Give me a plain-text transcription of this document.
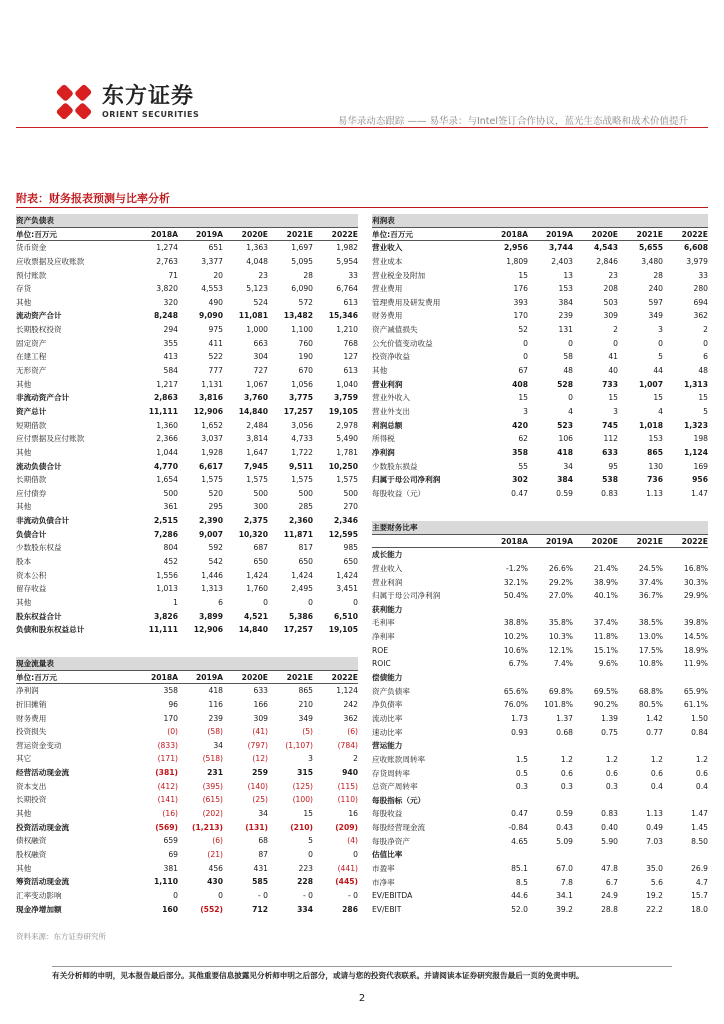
东方证券
ORIENT SECURITIES
易华录动态跟踪 —— 易华录：与Intel签订合作协议，蓝光生态战略和战术价值提升
附表：财务报表预测与比率分析
资产负债表
单位:百万元	2018A	2019A	2020E	2021E	2022E
货币资金	1,274	651	1,363	1,697	1,982
应收票据及应收账款	2,763	3,377	4,048	5,095	5,954
预付账款	71	20	23	28	33
存货	3,820	4,553	5,123	6,090	6,764
其他	320	490	524	572	613
流动资产合计	8,248	9,090	11,081	13,482	15,346
长期股权投资	294	975	1,000	1,100	1,210
固定资产	355	411	663	760	768
在建工程	413	522	304	190	127
无形资产	584	777	727	670	613
其他	1,217	1,131	1,067	1,056	1,040
非流动资产合计	2,863	3,816	3,760	3,775	3,759
资产总计	11,111	12,906	14,840	17,257	19,105
短期借款	1,360	1,652	2,484	3,056	2,978
应付票据及应付账款	2,366	3,037	3,814	4,733	5,490
其他	1,044	1,928	1,647	1,722	1,781
流动负债合计	4,770	6,617	7,945	9,511	10,250
长期借款	1,654	1,575	1,575	1,575	1,575
应付债券	500	520	500	500	500
其他	361	295	300	285	270
非流动负债合计	2,515	2,390	2,375	2,360	2,346
负债合计	7,286	9,007	10,320	11,871	12,595
少数股东权益	804	592	687	817	985
股本	452	542	650	650	650
资本公积	1,556	1,446	1,424	1,424	1,424
留存收益	1,013	1,313	1,760	2,495	3,451
其他	1	6	0	0	0
股东权益合计	3,826	3,899	4,521	5,386	6,510
负债和股东权益总计	11,111	12,906	14,840	17,257	19,105
现金流量表
单位:百万元	2018A	2019A	2020E	2021E	2022E
净利润	358	418	633	865	1,124
折旧摊销	96	116	166	210	242
财务费用	170	239	309	349	362
投资损失	(0)	(58)	(41)	(5)	(6)
营运资金变动	(833)	34	(797)	(1,107)	(784)
其它	(171)	(518)	(12)	3	2
经营活动现金流	(381)	231	259	315	940
资本支出	(412)	(395)	(140)	(125)	(115)
长期投资	(141)	(615)	(25)	(100)	(110)
其他	(16)	(202)	34	15	16
投资活动现金流	(569)	(1,213)	(131)	(210)	(209)
债权融资	659	(6)	68	5	(4)
股权融资	69	(21)	87	0	0
其他	381	456	431	223	(441)
筹资活动现金流	1,110	430	585	228	(445)
汇率变动影响	0	0	- 0	- 0	- 0
现金净增加额	160	(552)	712	334	286
利润表
单位:百万元	2018A	2019A	2020E	2021E	2022E
营业收入	2,956	3,744	4,543	5,655	6,608
营业成本	1,809	2,403	2,846	3,480	3,979
营业税金及附加	15	13	23	28	33
营业费用	176	153	208	240	280
管理费用及研发费用	393	384	503	597	694
财务费用	170	239	309	349	362
资产减值损失	52	131	2	3	2
公允价值变动收益	0	0	0	0	0
投资净收益	0	58	41	5	6
其他	67	48	40	44	48
营业利润	408	528	733	1,007	1,313
营业外收入	15	0	15	15	15
营业外支出	3	4	3	4	5
利润总额	420	523	745	1,018	1,323
所得税	62	106	112	153	198
净利润	358	418	633	865	1,124
少数股东损益	55	34	95	130	169
归属于母公司净利润	302	384	538	736	956
每股收益（元）	0.47	0.59	0.83	1.13	1.47
主要财务比率
2018A	2019A	2020E	2021E	2022E
成长能力
营业收入	-1.2%	26.6%	21.4%	24.5%	16.8%
营业利润	32.1%	29.2%	38.9%	37.4%	30.3%
归属于母公司净利润	50.4%	27.0%	40.1%	36.7%	29.9%
获利能力
毛利率	38.8%	35.8%	37.4%	38.5%	39.8%
净利率	10.2%	10.3%	11.8%	13.0%	14.5%
ROE	10.6%	12.1%	15.1%	17.5%	18.9%
ROIC	6.7%	7.4%	9.6%	10.8%	11.9%
偿债能力
资产负债率	65.6%	69.8%	69.5%	68.8%	65.9%
净负债率	76.0%	101.8%	90.2%	80.5%	61.1%
流动比率	1.73	1.37	1.39	1.42	1.50
速动比率	0.93	0.68	0.75	0.77	0.84
营运能力
应收账款周转率	1.5	1.2	1.2	1.2	1.2
存货周转率	0.5	0.6	0.6	0.6	0.6
总资产周转率	0.3	0.3	0.3	0.4	0.4
每股指标（元）
每股收益	0.47	0.59	0.83	1.13	1.47
每股经营现金流	-0.84	0.43	0.40	0.49	1.45
每股净资产	4.65	5.09	5.90	7.03	8.50
估值比率
市盈率	85.1	67.0	47.8	35.0	26.9
市净率	8.5	7.8	6.7	5.6	4.7
EV/EBITDA	44.6	34.1	24.9	19.2	15.7
EV/EBIT	52.0	39.2	28.8	22.2	18.0
资料来源：东方证券研究所
有关分析师的申明，见本报告最后部分。其他重要信息披露见分析师申明之后部分，或请与您的投资代表联系。并请阅读本证券研究报告最后一页的免责申明。
2
